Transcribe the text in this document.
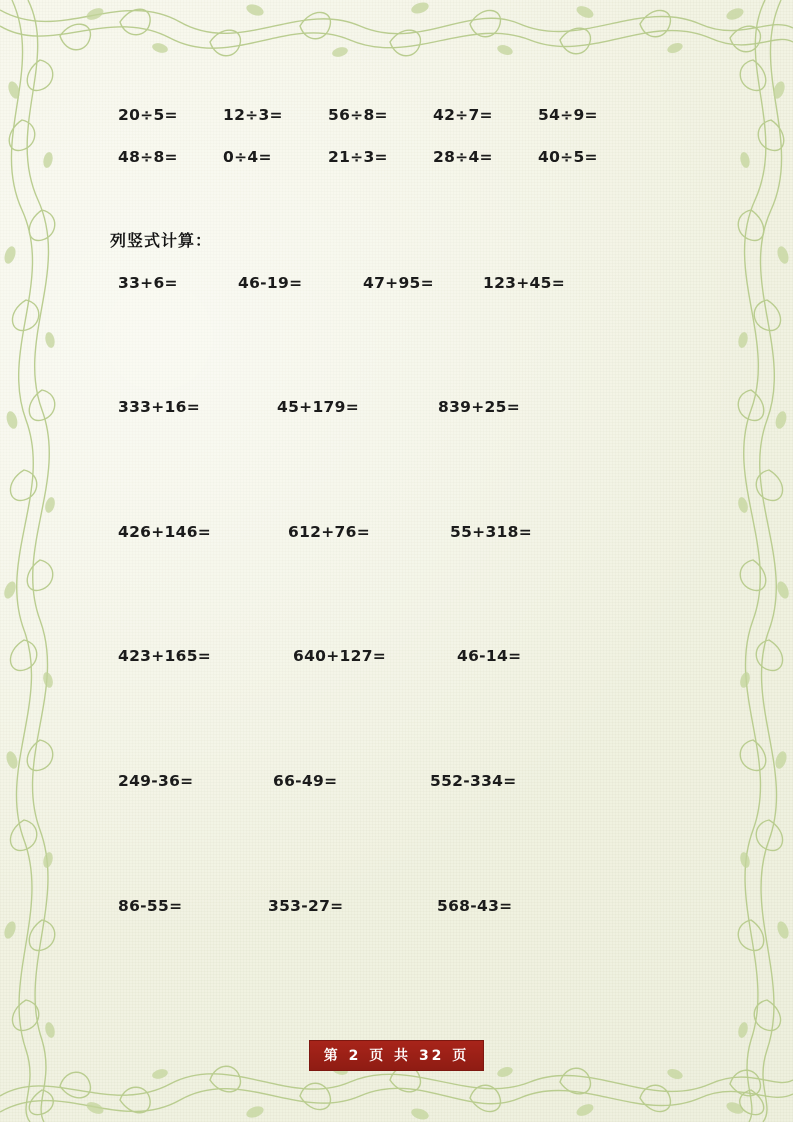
20÷5=	12÷3=	56÷8=	42÷7=	54÷9=
48÷8=	0÷4=	21÷3=	28÷4=	40÷5=
列竖式计算：
33+6=	46-19=	47+95=	123+45=
333+16=	45+179=	839+25=
426+146=	612+76=	55+318=
423+165=	640+127=	46-14=
249-36=	66-49=	552-334=
86-55=	353-27=	568-43=
第 2 页 共 32 页
